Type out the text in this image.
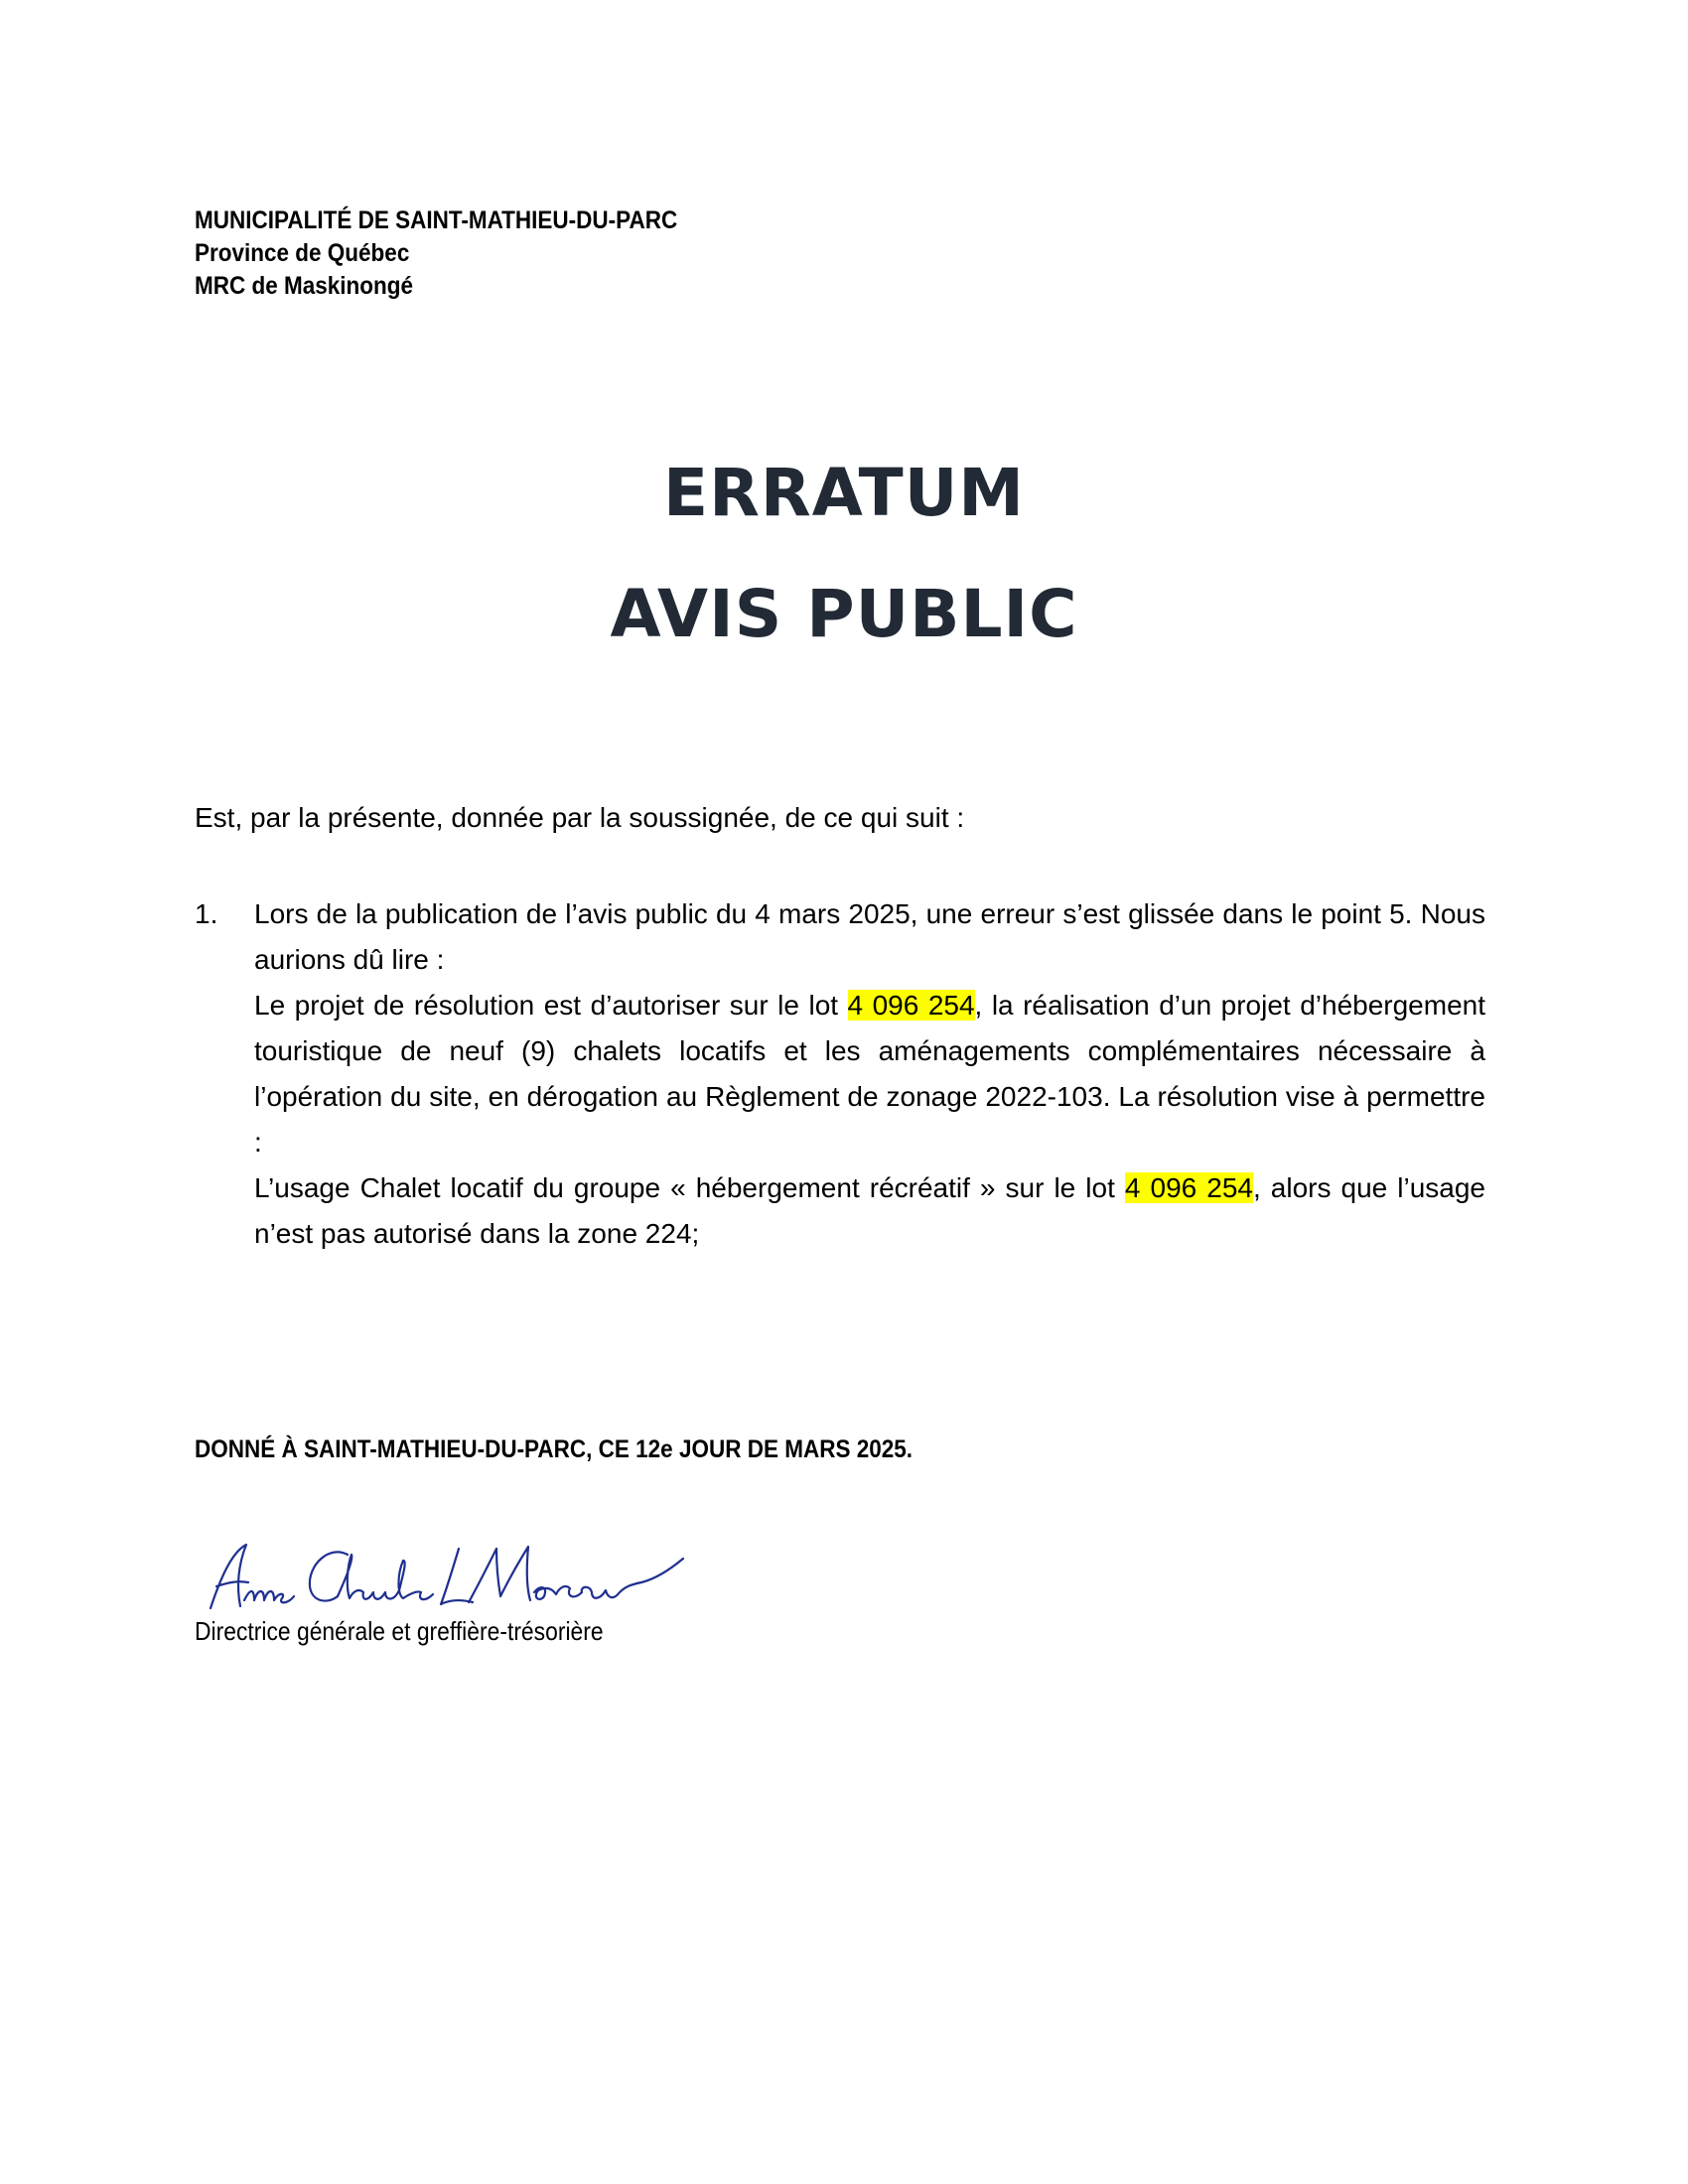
MUNICIPALITÉ DE SAINT-MATHIEU-DU-PARC
Province de Québec
MRC de Maskinongé
ERRATUM
AVIS PUBLIC
Est, par la présente, donnée par la soussignée, de ce qui suit :
1. Lors de la publication de l’avis public du 4 mars 2025, une erreur s’est glissée dans le point 5. Nous aurions dû lire :

Le projet de résolution est d’autoriser sur le lot 4 096 254, la réalisation d’un projet d’hébergement touristique de neuf (9) chalets locatifs et les aménagements complémentaires nécessaire à l’opération du site, en dérogation au Règlement de zonage 2022-103. La résolution vise à permettre :

L’usage Chalet locatif du groupe « hébergement récréatif » sur le lot 4 096 254, alors que l’usage n’est pas autorisé dans la zone 224;

DONNÉ À SAINT-MATHIEU-DU-PARC, CE 12e JOUR DE MARS 2025.
Directrice générale et greffière-trésorière
